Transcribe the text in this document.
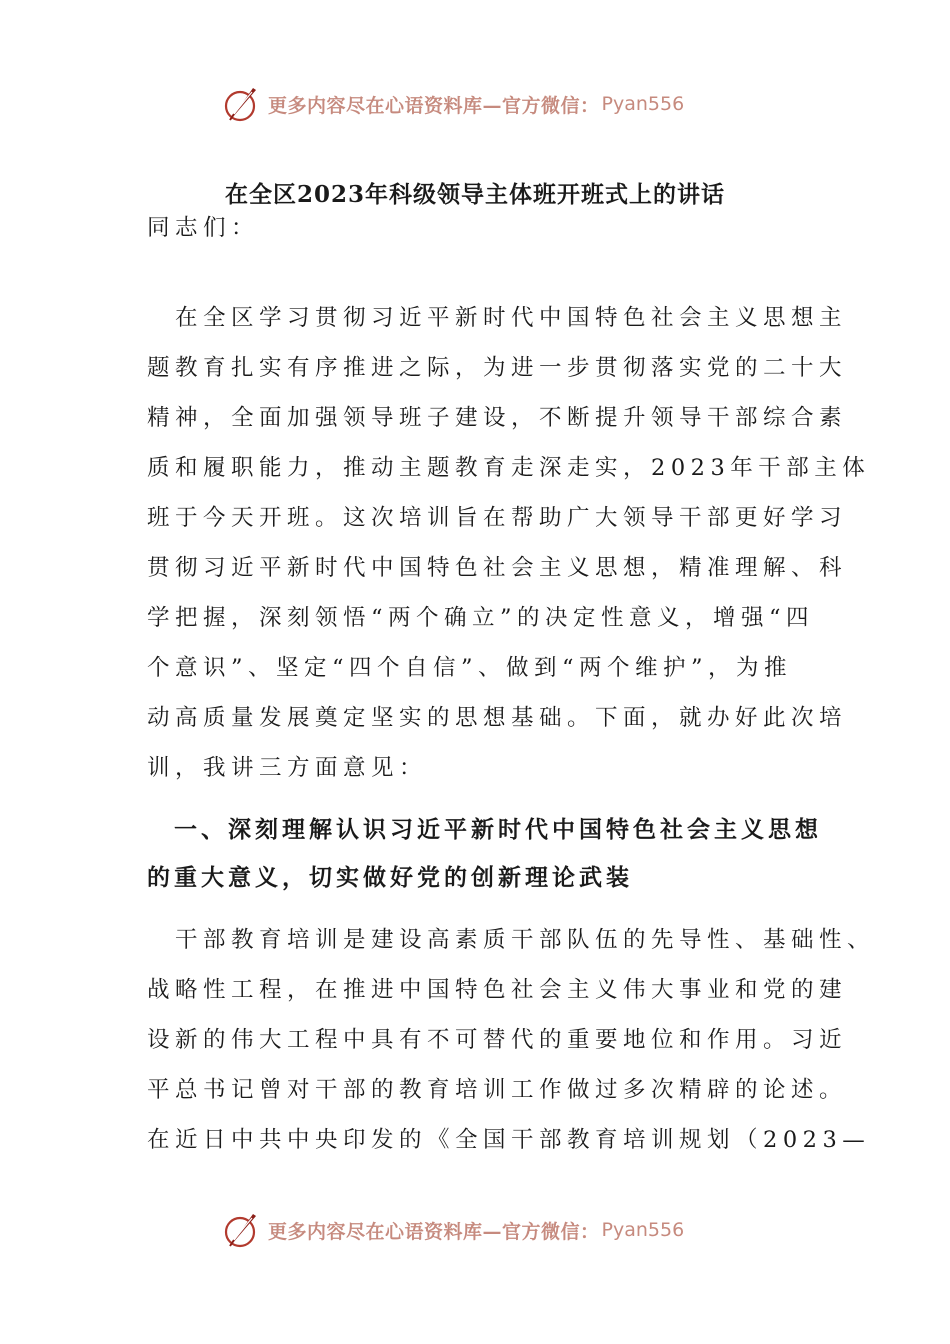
更多内容尽在心语资料库—官方微信： Pyan556
在全区2023年科级领导主体班开班式上的讲话
同志们：
　在全区学习贯彻习近平新时代中国特色社会主义思想主
题教育扎实有序推进之际，为进一步贯彻落实党的二十大
精神，全面加强领导班子建设，不断提升领导干部综合素
质和履职能力，推动主题教育走深走实，2023年干部主体
班于今天开班。这次培训旨在帮助广大领导干部更好学习
贯彻习近平新时代中国特色社会主义思想，精准理解、科
学把握，深刻领悟“两个确立”的决定性意义，增强“四
个意识”、坚定“四个自信”、做到“两个维护”，为推
动高质量发展奠定坚实的思想基础。下面，就办好此次培
训，我讲三方面意见：
　一、深刻理解认识习近平新时代中国特色社会主义思想
的重大意义，切实做好党的创新理论武装
　干部教育培训是建设高素质干部队伍的先导性、基础性、
战略性工程，在推进中国特色社会主义伟大事业和党的建
设新的伟大工程中具有不可替代的重要地位和作用。习近
平总书记曾对干部的教育培训工作做过多次精辟的论述。
在近日中共中央印发的《全国干部教育培训规划（2023—
更多内容尽在心语资料库—官方微信： Pyan556
